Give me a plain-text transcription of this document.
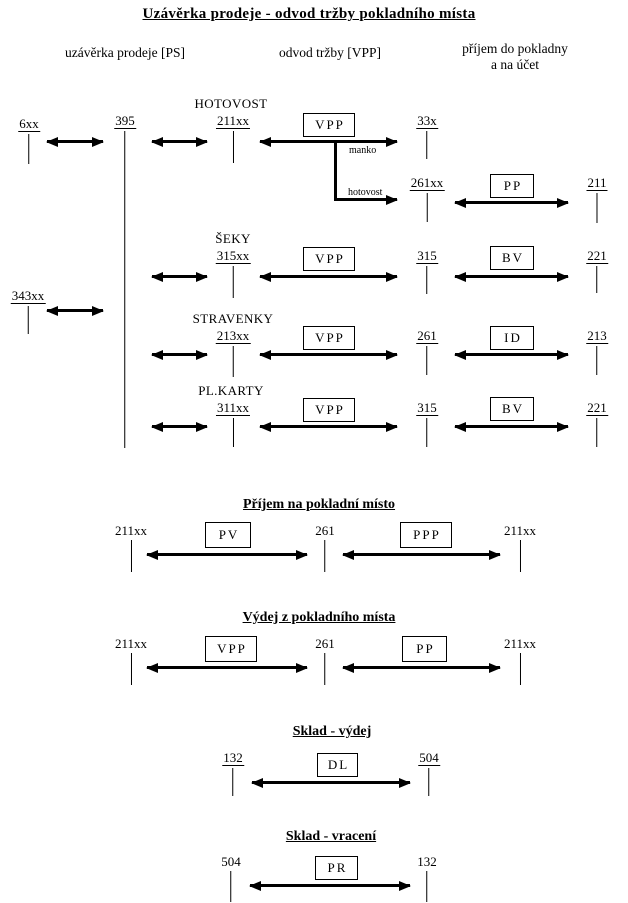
Uzávěrka prodeje - odvod tržby pokladního místa
uzávěrka prodeje [PS]	odvod tržby [VPP]	příjem do pokladny
a na účet
6xx	395
343xx
HOTOVOST
211xx	VPP
manko
hotovost
33x
261xx	PP	211
ŠEKY
315xx	VPP	315	BV	221
STRAVENKY
213xx	VPP	261	ID	213
PL.KARTY
311xx	VPP	315	BV	221
Příjem na pokladní místo
211xx	PV	261	PPP	211xx
Výdej z pokladního místa
211xx	VPP	261	PP	211xx
Sklad - výdej
132	DL	504
Sklad - vracení
504	PR	132
